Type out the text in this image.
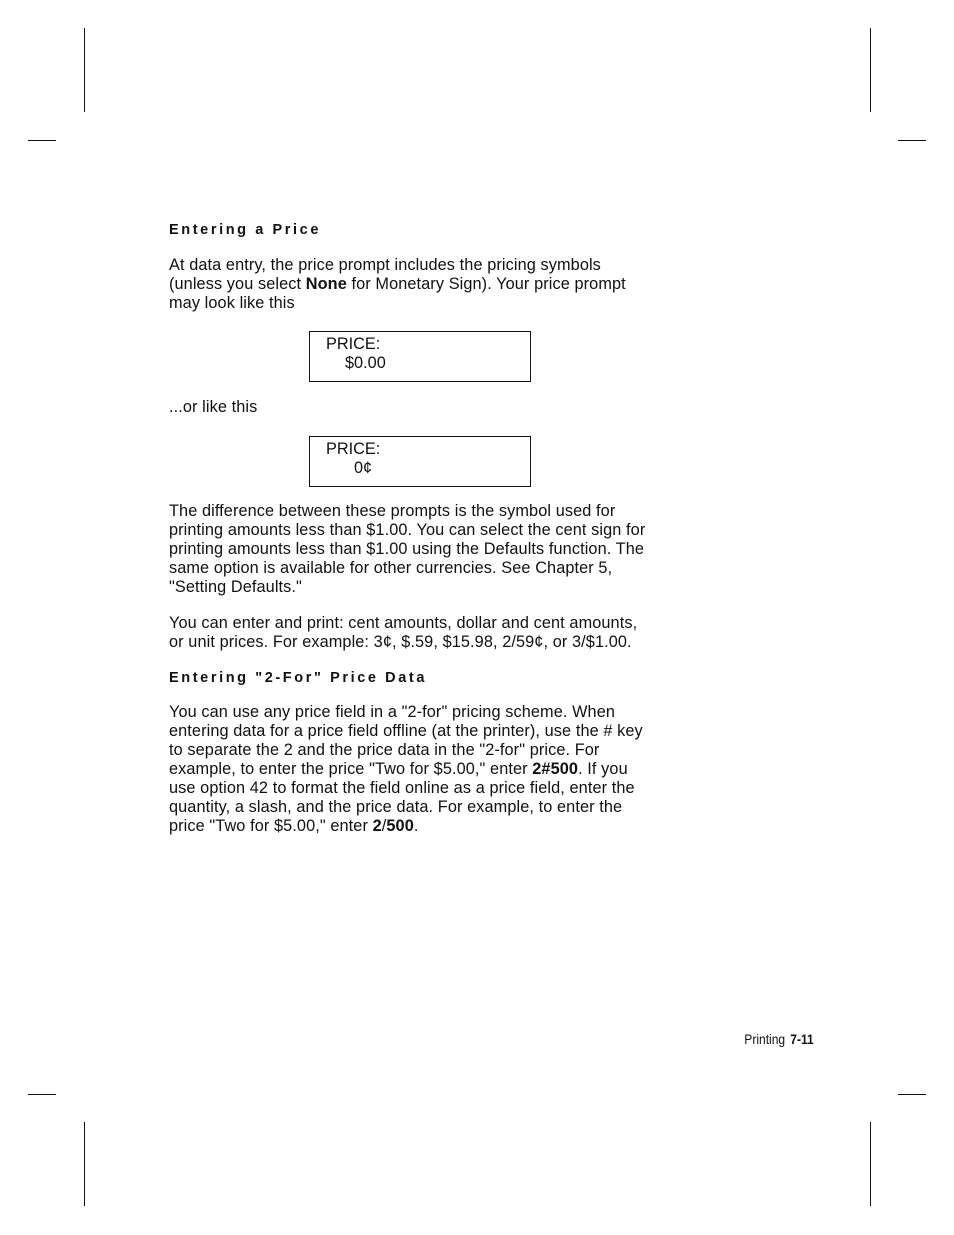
Entering a Price

At data entry, the price prompt includes the pricing symbols
(unless you select None for Monetary Sign). Your price prompt
may look like this

PRICE:
$0.00

...or like this

PRICE:
0¢

The difference between these prompts is the symbol used for
printing amounts less than $1.00. You can select the cent sign for
printing amounts less than $1.00 using the Defaults function. The
same option is available for other currencies. See Chapter 5,
"Setting Defaults."

You can enter and print: cent amounts, dollar and cent amounts,
or unit prices. For example: 3¢, $.59, $15.98, 2/59¢, or 3/$1.00.

Entering "2-For" Price Data

You can use any price field in a "2-for" pricing scheme. When
entering data for a price field offline (at the printer), use the # key
to separate the 2 and the price data in the "2-for" price. For
example, to enter the price "Two for $5.00," enter 2#500. If you
use option 42 to format the field online as a price field, enter the
quantity, a slash, and the price data. For example, to enter the
price "Two for $5.00," enter 2/500.

Printing 7-11
